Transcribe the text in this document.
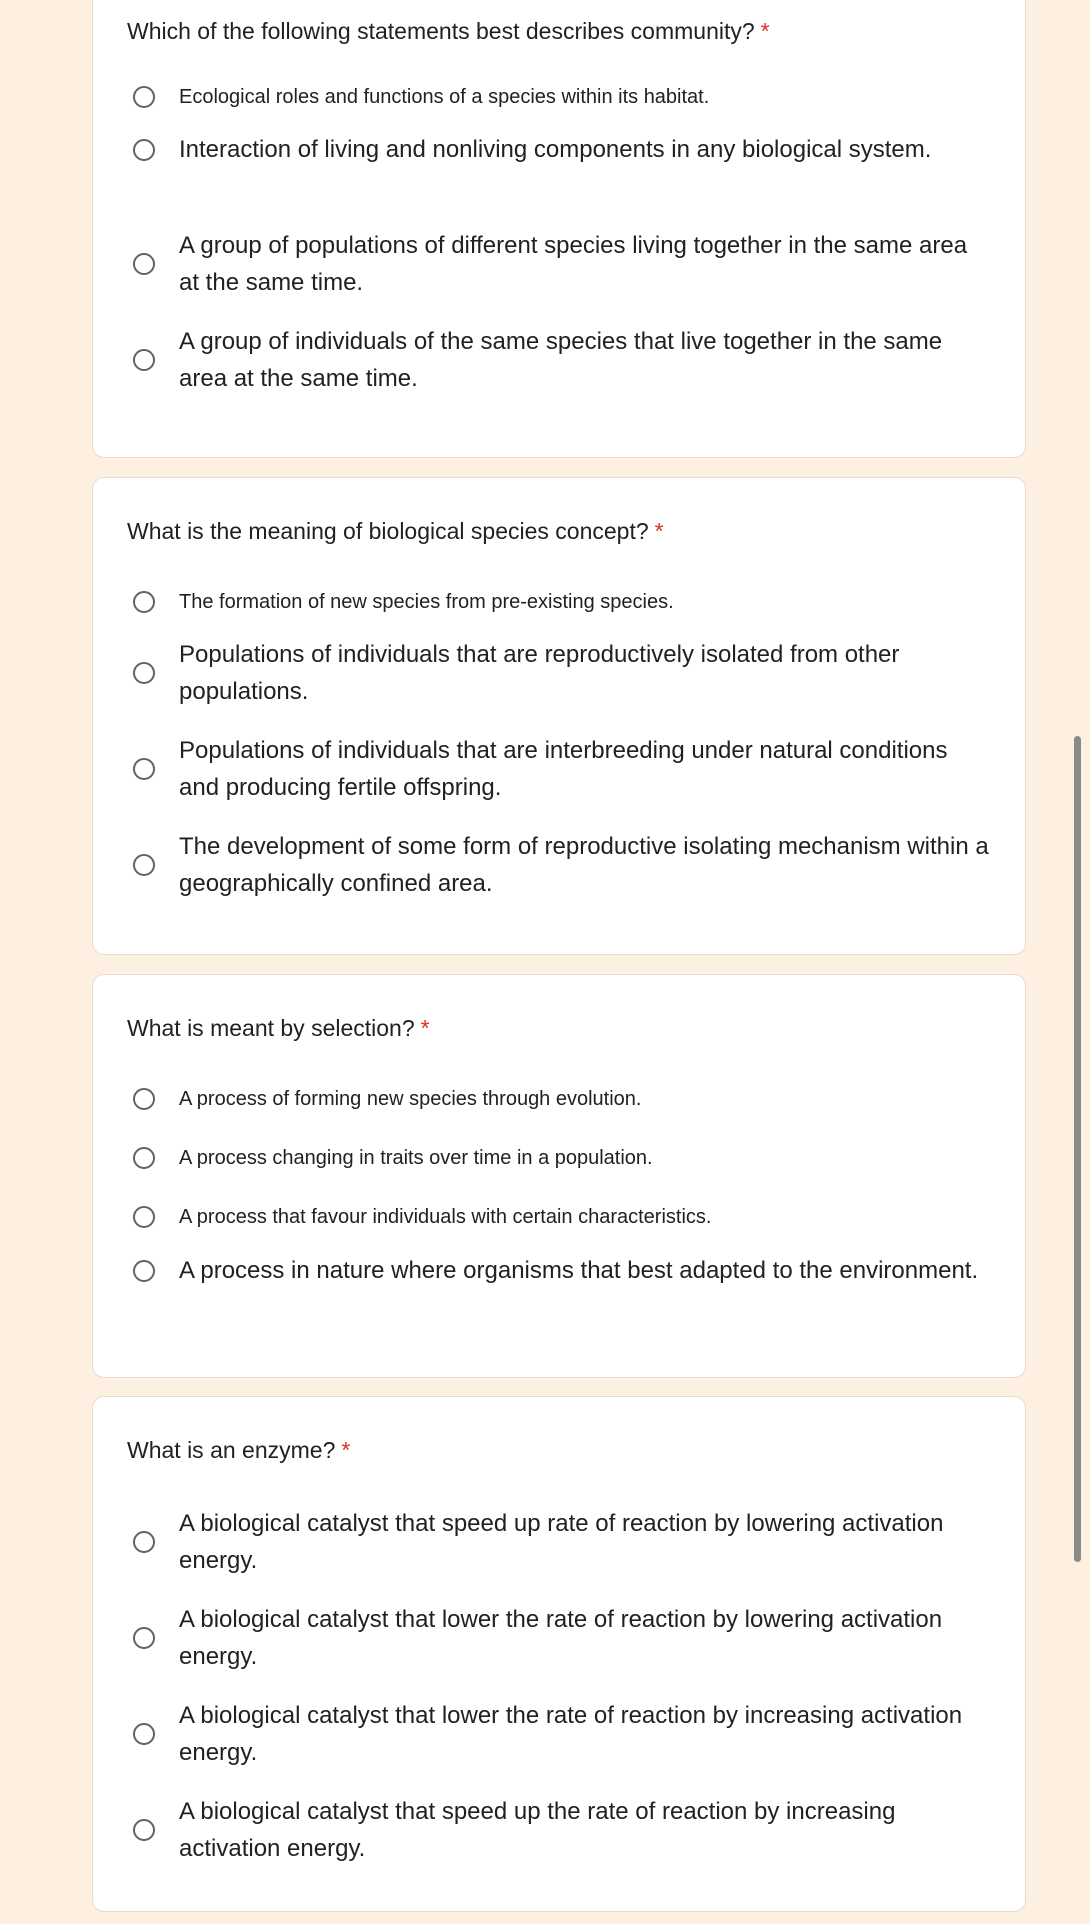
Which of the following statements best describes community? *
Ecological roles and functions of a species within its habitat.
Interaction of living and nonliving components in any biological system.
A group of populations of different species living together in the same area at the same time.
A group of individuals of the same species that live together in the same area at the same time.
What is the meaning of biological species concept? *
The formation of new species from pre-existing species.
Populations of individuals that are reproductively isolated from other populations.
Populations of individuals that are interbreeding under natural conditions and producing fertile offspring.
The development of some form of reproductive isolating mechanism within a geographically confined area.
What is meant by selection? *
A process of forming new species through evolution.
A process changing in traits over time in a population.
A process that favour individuals with certain characteristics.
A process in nature where organisms that best adapted to the environment.
What is an enzyme? *
A biological catalyst that speed up rate of reaction by lowering activation energy.
A biological catalyst that lower the rate of reaction by lowering activation energy.
A biological catalyst that lower the rate of reaction by increasing activation energy.
A biological catalyst that speed up the rate of reaction by increasing activation energy.
